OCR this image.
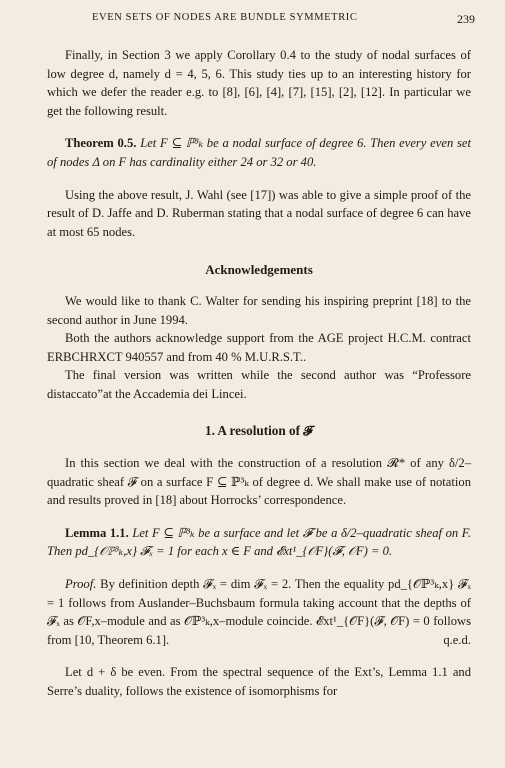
EVEN SETS OF NODES ARE BUNDLE SYMMETRIC	239

Finally, in Section 3 we apply Corollary 0.4 to the study of nodal surfaces of low degree d, namely d = 4, 5, 6. This study ties up to an interesting history for which we defer the reader e.g. to [8], [6], [4], [7], [15], [2], [12]. In particular we get the following result.

Theorem 0.5. Let F ⊆ ℙ³ₖ be a nodal surface of degree 6. Then every even set of nodes Δ on F has cardinality either 24 or 32 or 40.

Using the above result, J. Wahl (see [17]) was able to give a simple proof of the result of D. Jaffe and D. Ruberman stating that a nodal surface of degree 6 can have at most 65 nodes.

Acknowledgements

We would like to thank C. Walter for sending his inspiring preprint [18] to the second author in June 1994.

Both the authors acknowledge support from the AGE project H.C.M. contract ERBCHRXCT 940557 and from 40 % M.U.R.S.T..

The final version was written while the second author was “Professore distaccato”at the Accademia dei Lincei.

1. A resolution of 𝓕

In this section we deal with the construction of a resolution 𝓡* of any δ/2–quadratic sheaf 𝓕 on a surface F ⊆ ℙ³ₖ of degree d. We shall make use of notation and results proved in [18] about Horrocks’ correspondence.

Lemma 1.1. Let F ⊆ ℙ³ₖ be a surface and let 𝓕 be a δ/2–quadratic sheaf on F. Then pd_{𝒪ℙ³ₖ,x} 𝓕ₓ = 1 for each x ∈ F and 𝓔xt¹_{𝒪F}(𝓕, 𝒪F) = 0.

Proof. By definition depth 𝓕ₓ = dim 𝓕ₓ = 2. Then the equality pd_{𝒪ℙ³ₖ,x} 𝓕ₓ = 1 follows from Auslander–Buchsbaum formula taking account that the depths of 𝓕ₓ as 𝒪F,x–module and as 𝒪ℙ³ₖ,x–module coincide. 𝓔xt¹_{𝒪F}(𝓕, 𝒪F) = 0 follows from [10, Theorem 6.1].	q.e.d.

Let d + δ be even. From the spectral sequence of the Ext’s, Lemma 1.1 and Serre’s duality, follows the existence of isomorphisms for
